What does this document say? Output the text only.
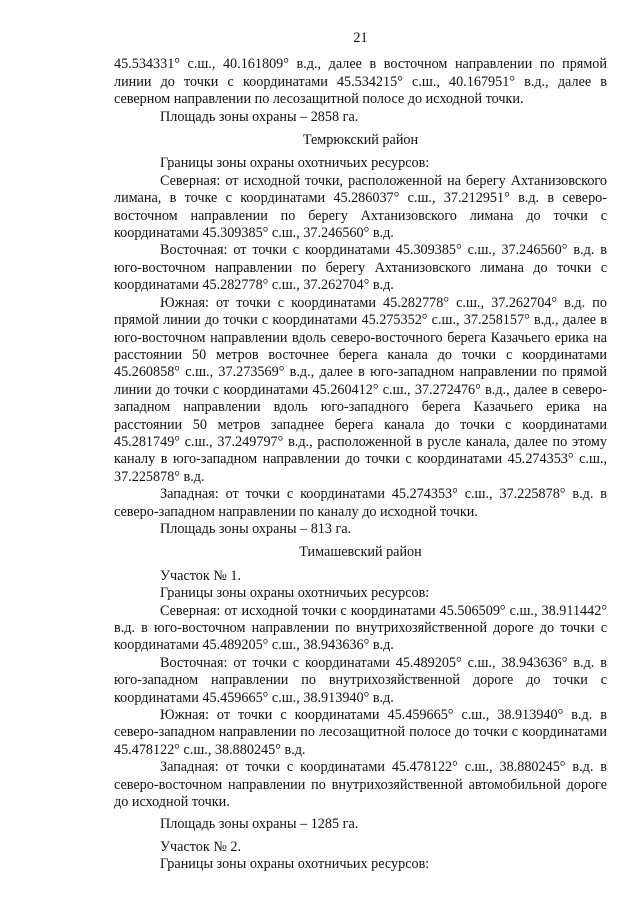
21

45.534331° с.ш., 40.161809° в.д., далее в восточном направлении по прямой линии до точки с координатами 45.534215° с.ш., 40.167951° в.д., далее в северном направлении по лесозащитной полосе до исходной точки.

Площадь зоны охраны – 2858 га.

Темрюкский район

Границы зоны охраны охотничьих ресурсов:

Северная: от исходной точки, расположенной на берегу Ахтанизовского лимана, в точке с координатами 45.286037° с.ш., 37.212951° в.д. в северо-восточном направлении по берегу Ахтанизовского лимана до точки с координатами 45.309385° с.ш., 37.246560° в.д.

Восточная: от точки с координатами 45.309385° с.ш., 37.246560° в.д. в юго-восточном направлении по берегу Ахтанизовского лимана до точки с координатами 45.282778° с.ш., 37.262704° в.д.

Южная: от точки с координатами 45.282778° с.ш., 37.262704° в.д. по прямой линии до точки с координатами 45.275352° с.ш., 37.258157° в.д., далее в юго-восточном направлении вдоль северо-восточного берега Казачьего ерика на расстоянии 50 метров восточнее берега канала до точки с координатами 45.260858° с.ш., 37.273569° в.д., далее в юго-западном направлении по прямой линии до точки с координатами 45.260412° с.ш., 37.272476° в.д., далее в северо-западном направлении вдоль юго-западного берега Казачьего ерика на расстоянии 50 метров западнее берега канала до точки с координатами 45.281749° с.ш., 37.249797° в.д., расположенной в русле канала, далее по этому каналу в юго-западном направлении до точки с координатами 45.274353° с.ш., 37.225878° в.д.

Западная: от точки с координатами 45.274353° с.ш., 37.225878° в.д. в северо-западном направлении по каналу до исходной точки.

Площадь зоны охраны – 813 га.

Тимашевский район

Участок № 1.

Границы зоны охраны охотничьих ресурсов:

Северная: от исходной точки с координатами 45.506509° с.ш., 38.911442° в.д. в юго-восточном направлении по внутрихозяйственной дороге до точки с координатами 45.489205° с.ш., 38.943636° в.д.

Восточная: от точки с координатами 45.489205° с.ш., 38.943636° в.д. в юго-западном направлении по внутрихозяйственной дороге до точки с координатами 45.459665° с.ш., 38.913940° в.д.

Южная: от точки с координатами 45.459665° с.ш., 38.913940° в.д. в северо-западном направлении по лесозащитной полосе до точки с координатами 45.478122° с.ш., 38.880245° в.д.

Западная: от точки с координатами 45.478122° с.ш., 38.880245° в.д. в северо-восточном направлении по внутрихозяйственной автомобильной дороге до исходной точки.

Площадь зоны охраны – 1285 га.

Участок № 2.

Границы зоны охраны охотничьих ресурсов:
